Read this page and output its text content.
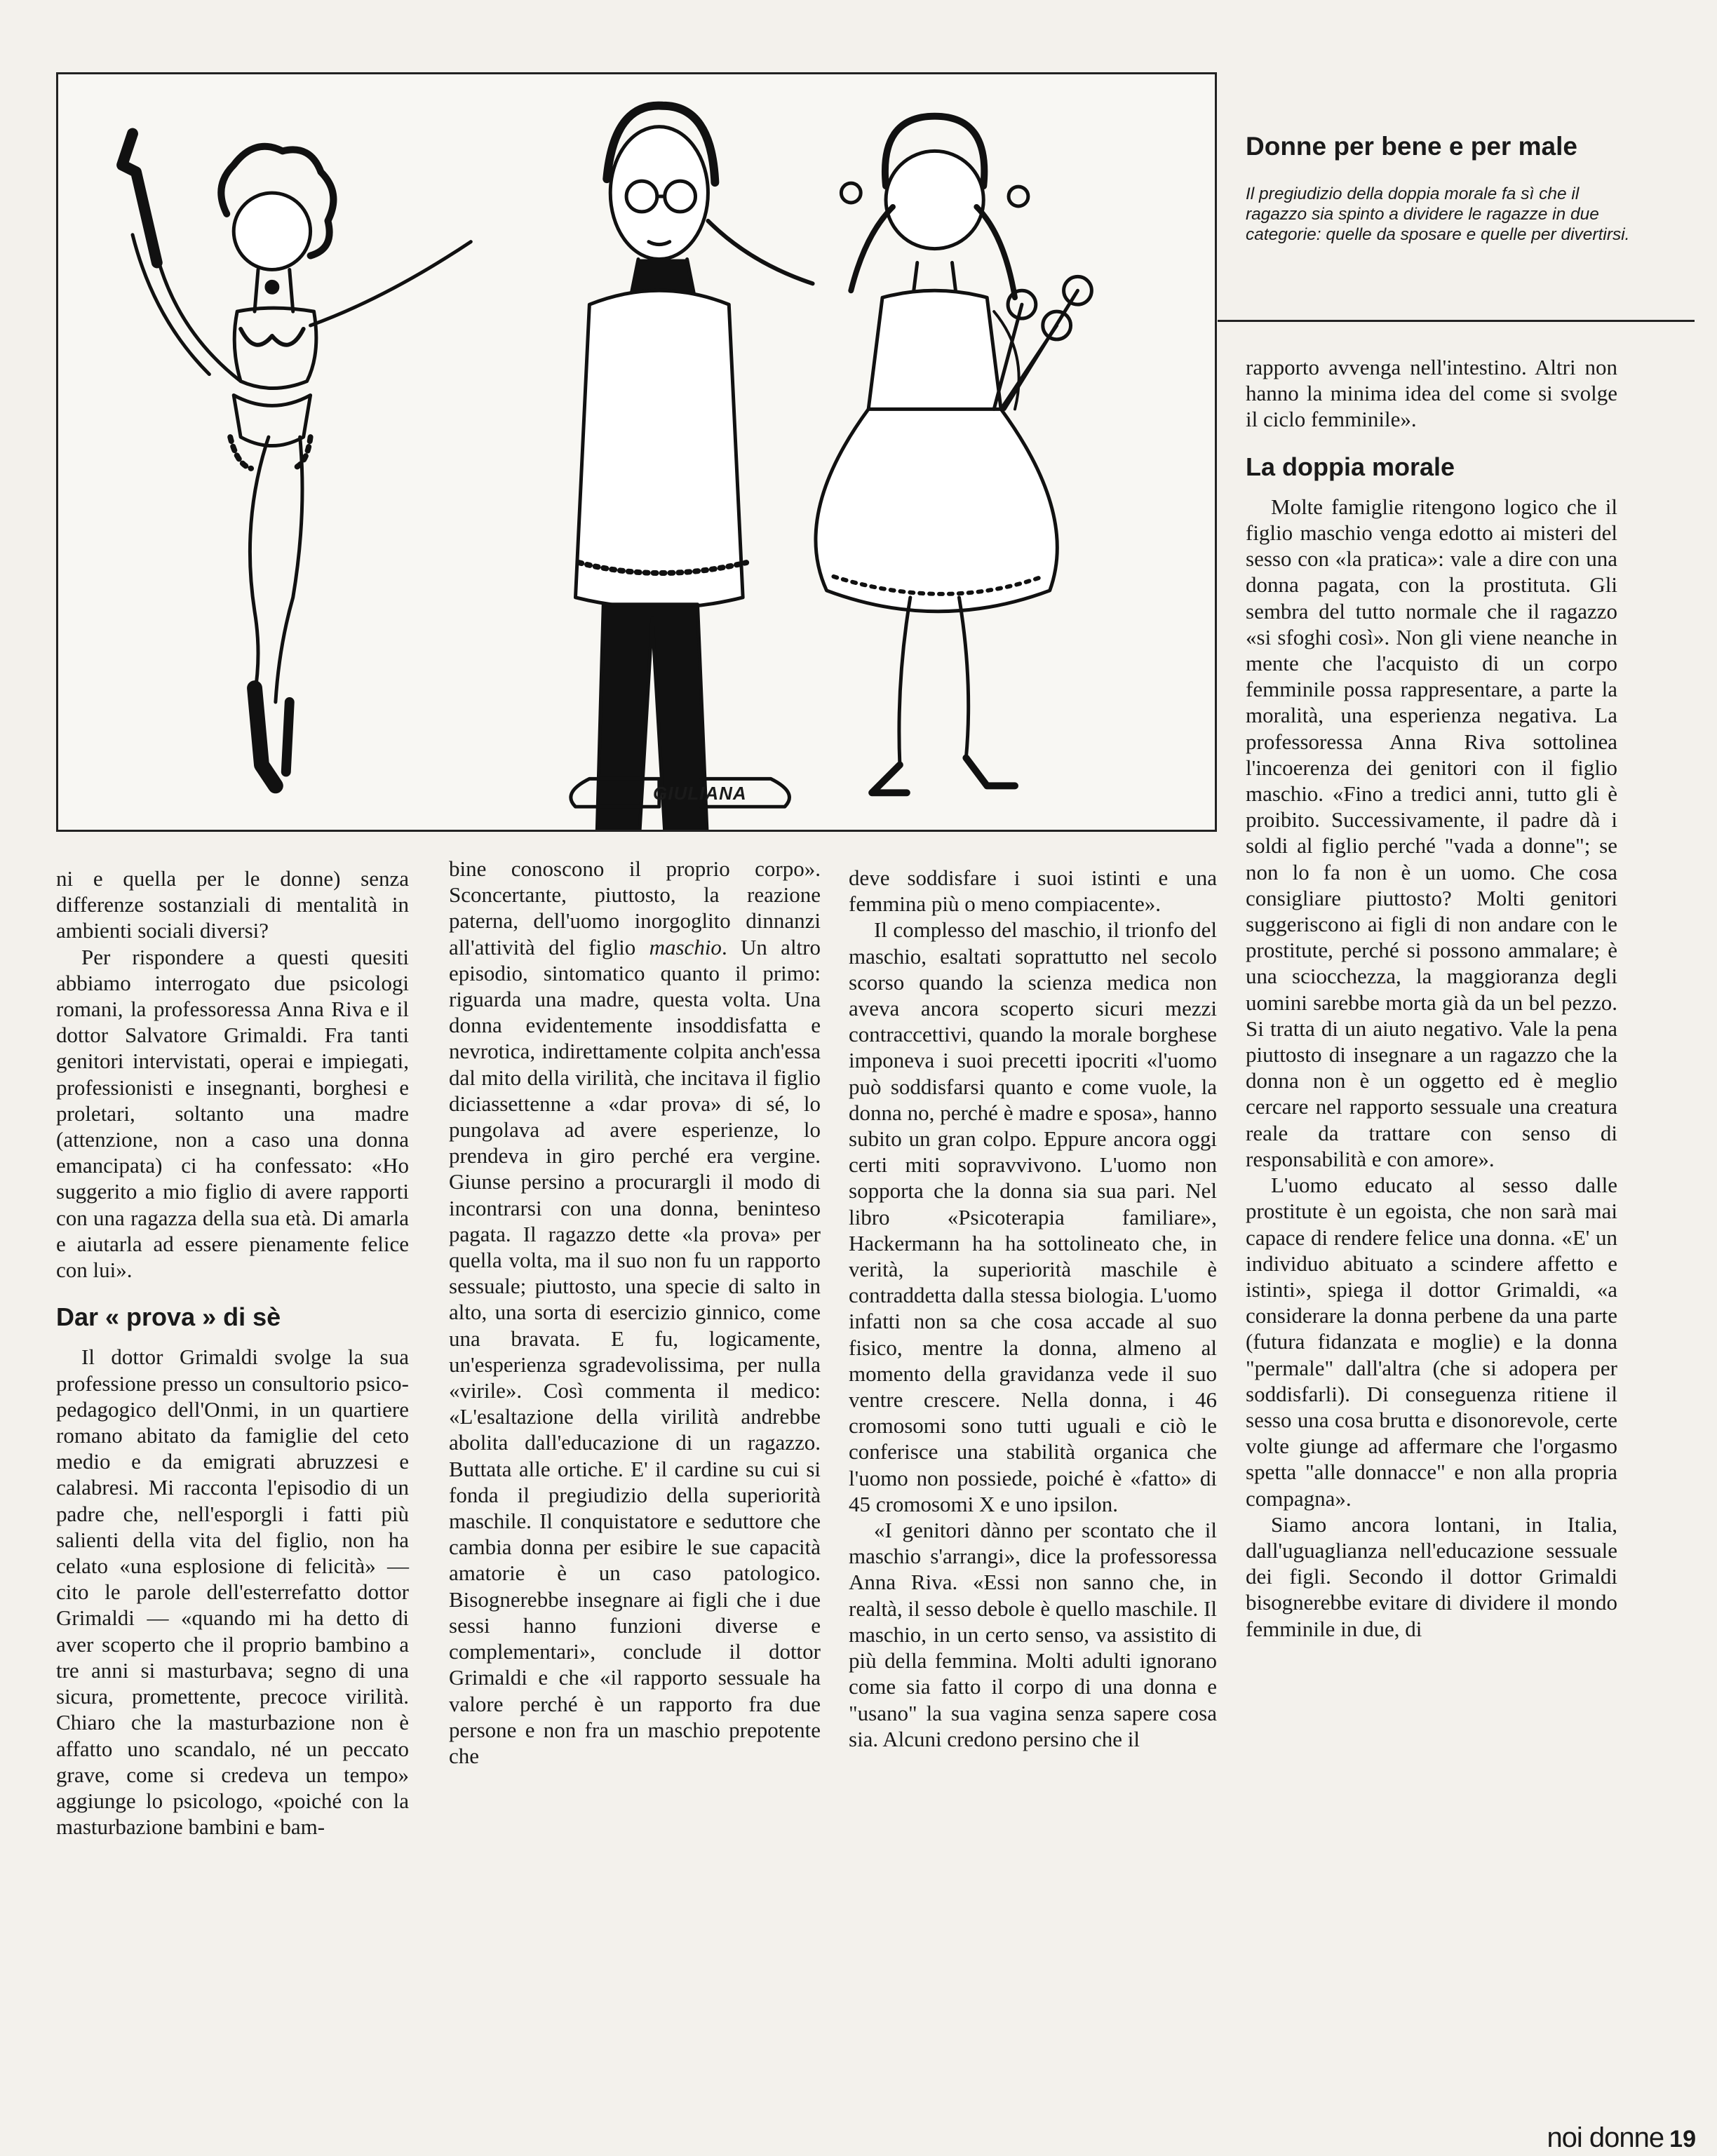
GIULIANA
Donne per bene e per male

Il pregiudizio della doppia morale fa sì che il ragazzo sia spinto a dividere le ragazze in due categorie: quelle da sposare e quelle per divertirsi.

ni e quella per le donne) senza differenze sostanziali di mentalità in ambienti sociali diversi?

Per rispondere a questi quesiti abbiamo interrogato due psicologi romani, la professoressa Anna Riva e il dottor Salvatore Grimaldi. Fra tanti genitori intervistati, operai e impiegati, professionisti e insegnanti, borghesi e proletari, soltanto una madre (attenzione, non a caso una donna emancipata) ci ha confessato: «Ho suggerito a mio figlio di avere rapporti con una ragazza della sua età. Di amarla e aiutarla ad essere pienamente felice con lui».

Dar « prova » di sè

Il dottor Grimaldi svolge la sua professione presso un consultorio psico-pedagogico dell'Onmi, in un quartiere romano abitato da famiglie del ceto medio e da emigrati abruzzesi e calabresi. Mi racconta l'episodio di un padre che, nell'esporgli i fatti più salienti della vita del figlio, non ha celato «una esplosione di felicità» — cito le parole dell'esterrefatto dottor Grimaldi — «quando mi ha detto di aver scoperto che il proprio bambino a tre anni si masturbava; segno di una sicura, promettente, precoce virilità. Chiaro che la masturbazione non è affatto uno scandalo, né un peccato grave, come si credeva un tempo» aggiunge lo psicologo, «poiché con la masturbazione bambini e bam-

bine conoscono il proprio corpo». Sconcertante, piuttosto, la reazione paterna, dell'uomo inorgoglito dinnanzi all'attività del figlio maschio. Un altro episodio, sintomatico quanto il primo: riguarda una madre, questa volta. Una donna evidentemente insoddisfatta e nevrotica, indirettamente colpita anch'essa dal mito della virilità, che incitava il figlio diciassettenne a «dar prova» di sé, lo pungolava ad avere esperienze, lo prendeva in giro perché era vergine. Giunse persino a procurargli il modo di incontrarsi con una donna, beninteso pagata. Il ragazzo dette «la prova» per quella volta, ma il suo non fu un rapporto sessuale; piuttosto, una specie di salto in alto, una sorta di esercizio ginnico, come una bravata. E fu, logicamente, un'esperienza sgradevolissima, per nulla «virile». Così commenta il medico: «L'esaltazione della virilità andrebbe abolita dall'educazione di un ragazzo. Buttata alle ortiche. E' il cardine su cui si fonda il pregiudizio della superiorità maschile. Il conquistatore e seduttore che cambia donna per esibire le sue capacità amatorie è un caso patologico. Bisognerebbe insegnare ai figli che i due sessi hanno funzioni diverse e complementari», conclude il dottor Grimaldi e che «il rapporto sessuale ha valore perché è un rapporto fra due persone e non fra un maschio prepotente che

deve soddisfare i suoi istinti e una femmina più o meno compiacente».

Il complesso del maschio, il trionfo del maschio, esaltati soprattutto nel secolo scorso quando la scienza medica non aveva ancora scoperto sicuri mezzi contraccettivi, quando la morale borghese imponeva i suoi precetti ipocriti «l'uomo può soddisfarsi quanto e come vuole, la donna no, perché è madre e sposa», hanno subito un gran colpo. Eppure ancora oggi certi miti sopravvivono. L'uomo non sopporta che la donna sia sua pari. Nel libro «Psicoterapia familiare», Hackermann ha ha sottolineato che, in verità, la superiorità maschile è contraddetta dalla stessa biologia. L'uomo infatti non sa che cosa accade al suo fisico, mentre la donna, almeno al momento della gravidanza vede il suo ventre crescere. Nella donna, i 46 cromosomi sono tutti uguali e ciò le conferisce una stabilità organica che l'uomo non possiede, poiché è «fatto» di 45 cromosomi X e uno ipsilon.

«I genitori dànno per scontato che il maschio s'arrangi», dice la professoressa Anna Riva. «Essi non sanno che, in realtà, il sesso debole è quello maschile. Il maschio, in un certo senso, va assistito di più della femmina. Molti adulti ignorano come sia fatto il corpo di una donna e "usano" la sua vagina senza sapere cosa sia. Alcuni credono persino che il

rapporto avvenga nell'intestino. Altri non hanno la minima idea del come si svolge il ciclo femminile».

La doppia morale

Molte famiglie ritengono logico che il figlio maschio venga edotto ai misteri del sesso con «la pratica»: vale a dire con una donna pagata, con la prostituta. Gli sembra del tutto normale che il ragazzo «si sfoghi così». Non gli viene neanche in mente che l'acquisto di un corpo femminile possa rappresentare, a parte la moralità, una esperienza negativa. La professoressa Anna Riva sottolinea l'incoerenza dei genitori con il figlio maschio. «Fino a tredici anni, tutto gli è proibito. Successivamente, il padre dà i soldi al figlio perché "vada a donne"; se non lo fa non è un uomo. Che cosa consigliare piuttosto? Molti genitori suggeriscono ai figli di non andare con le prostitute, perché si possono ammalare; è una sciocchezza, la maggioranza degli uomini sarebbe morta già da un bel pezzo. Si tratta di un aiuto negativo. Vale la pena piuttosto di insegnare a un ragazzo che la donna non è un oggetto ed è meglio cercare nel rapporto sessuale una creatura reale da trattare con senso di responsabilità e con amore».

L'uomo educato al sesso dalle prostitute è un egoista, che non sarà mai capace di rendere felice una donna. «E' un individuo abituato a scindere affetto e istinti», spiega il dottor Grimaldi, «a considerare la donna perbene da una parte (futura fidanzata e moglie) e la donna "permale" dall'altra (che si adopera per soddisfarli). Di conseguenza ritiene il sesso una cosa brutta e disonorevole, certe volte giunge ad affermare che l'orgasmo spetta "alle donnacce" e non alla propria compagna».

Siamo ancora lontani, in Italia, dall'uguaglianza nell'educazione sessuale dei figli. Secondo il dottor Grimaldi bisognerebbe evitare di dividere il mondo femminile in due, di

noi donne 19
